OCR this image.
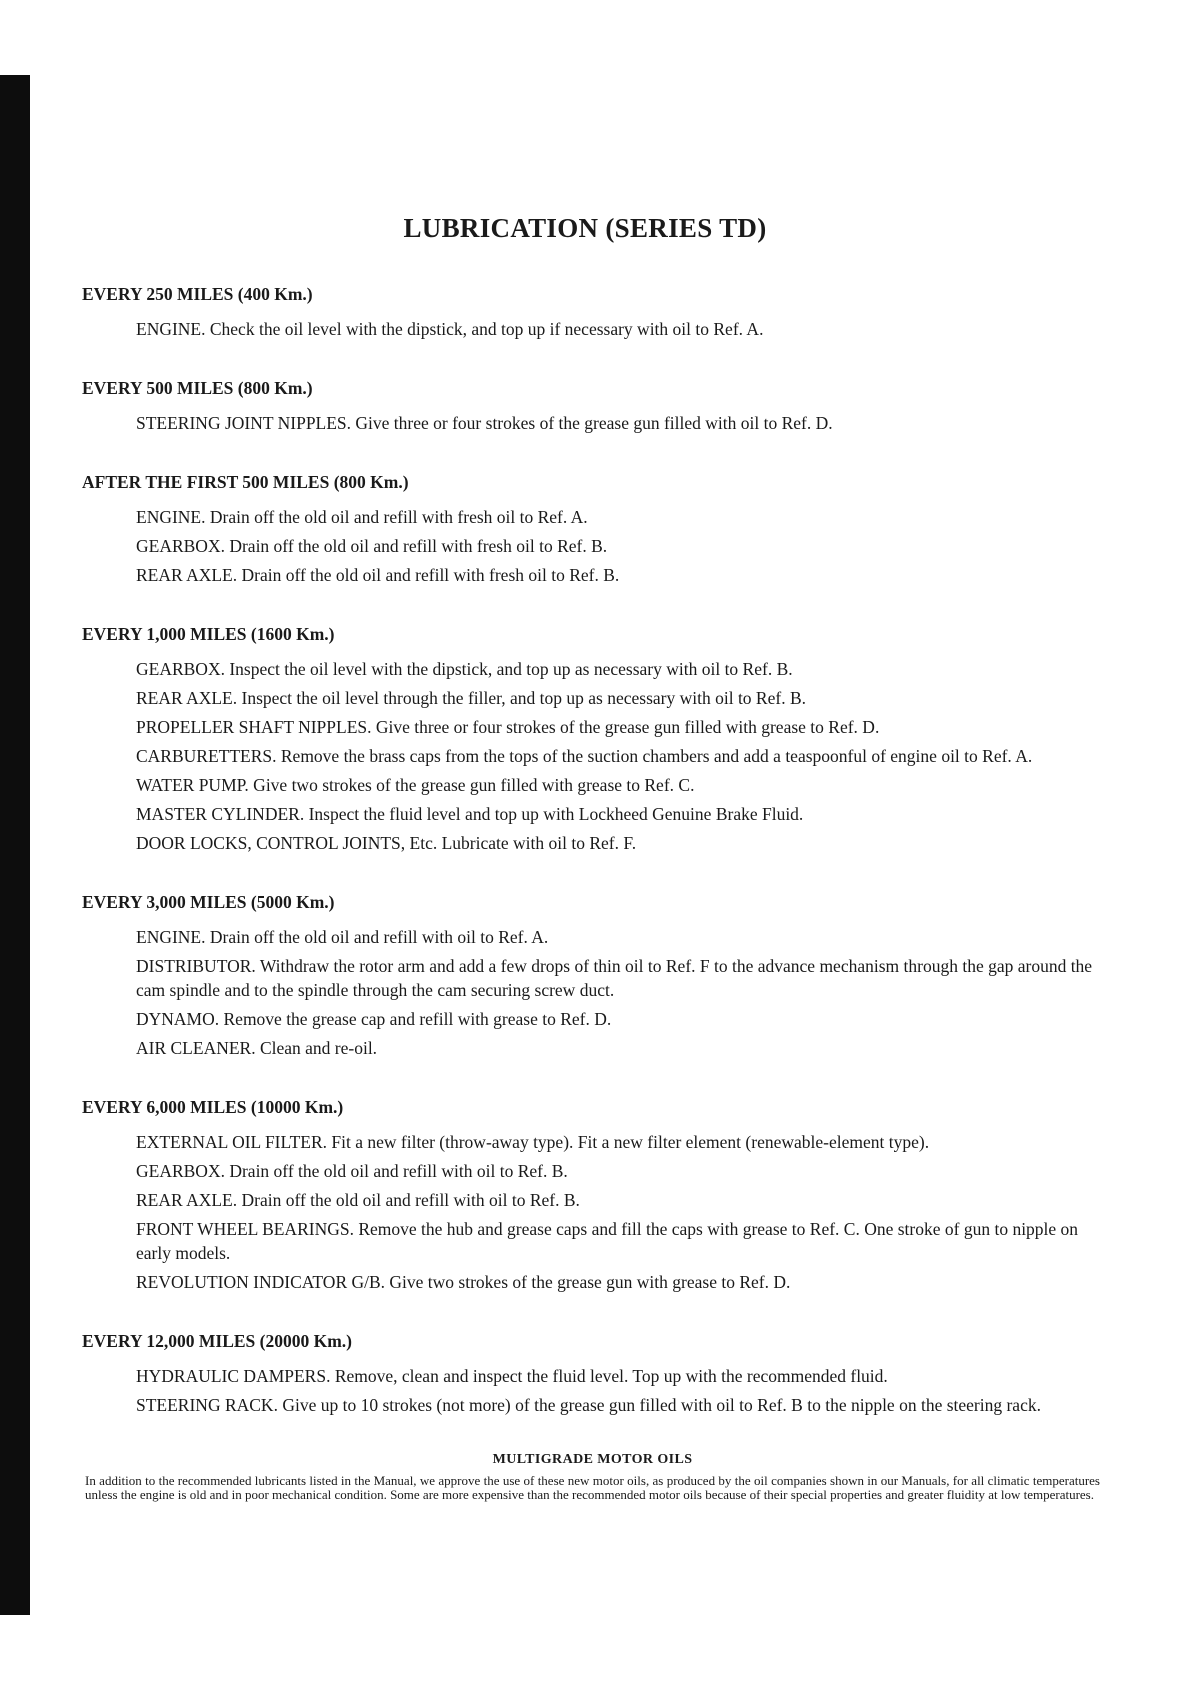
LUBRICATION (SERIES TD)
EVERY 250 MILES (400 Km.)

ENGINE. Check the oil level with the dipstick, and top up if necessary with oil to Ref. A.

EVERY 500 MILES (800 Km.)

STEERING JOINT NIPPLES. Give three or four strokes of the grease gun filled with oil to Ref. D.

AFTER THE FIRST 500 MILES (800 Km.)

ENGINE. Drain off the old oil and refill with fresh oil to Ref. A.

GEARBOX. Drain off the old oil and refill with fresh oil to Ref. B.

REAR AXLE. Drain off the old oil and refill with fresh oil to Ref. B.

EVERY 1,000 MILES (1600 Km.)

GEARBOX. Inspect the oil level with the dipstick, and top up as necessary with oil to Ref. B.

REAR AXLE. Inspect the oil level through the filler, and top up as necessary with oil to Ref. B.

PROPELLER SHAFT NIPPLES. Give three or four strokes of the grease gun filled with grease to Ref. D.

CARBURETTERS. Remove the brass caps from the tops of the suction chambers and add a teaspoonful of engine oil to Ref. A.

WATER PUMP. Give two strokes of the grease gun filled with grease to Ref. C.

MASTER CYLINDER. Inspect the fluid level and top up with Lockheed Genuine Brake Fluid.

DOOR LOCKS, CONTROL JOINTS, Etc. Lubricate with oil to Ref. F.

EVERY 3,000 MILES (5000 Km.)

ENGINE. Drain off the old oil and refill with oil to Ref. A.

DISTRIBUTOR. Withdraw the rotor arm and add a few drops of thin oil to Ref. F to the advance mechanism through the gap around the cam spindle and to the spindle through the cam securing screw duct.

DYNAMO. Remove the grease cap and refill with grease to Ref. D.

AIR CLEANER. Clean and re-oil.

EVERY 6,000 MILES (10000 Km.)

EXTERNAL OIL FILTER. Fit a new filter (throw-away type). Fit a new filter element (renewable-element type).

GEARBOX. Drain off the old oil and refill with oil to Ref. B.

REAR AXLE. Drain off the old oil and refill with oil to Ref. B.

FRONT WHEEL BEARINGS. Remove the hub and grease caps and fill the caps with grease to Ref. C. One stroke of gun to nipple on early models.

REVOLUTION INDICATOR G/B. Give two strokes of the grease gun with grease to Ref. D.

EVERY 12,000 MILES (20000 Km.)

HYDRAULIC DAMPERS. Remove, clean and inspect the fluid level. Top up with the recommended fluid.

STEERING RACK. Give up to 10 strokes (not more) of the grease gun filled with oil to Ref. B to the nipple on the steering rack.

MULTIGRADE MOTOR OILS

In addition to the recommended lubricants listed in the Manual, we approve the use of these new motor oils, as produced by the oil companies shown in our Manuals, for all climatic temperatures unless the engine is old and in poor mechanical condition. Some are more expensive than the recommended motor oils because of their special properties and greater fluidity at low temperatures.
